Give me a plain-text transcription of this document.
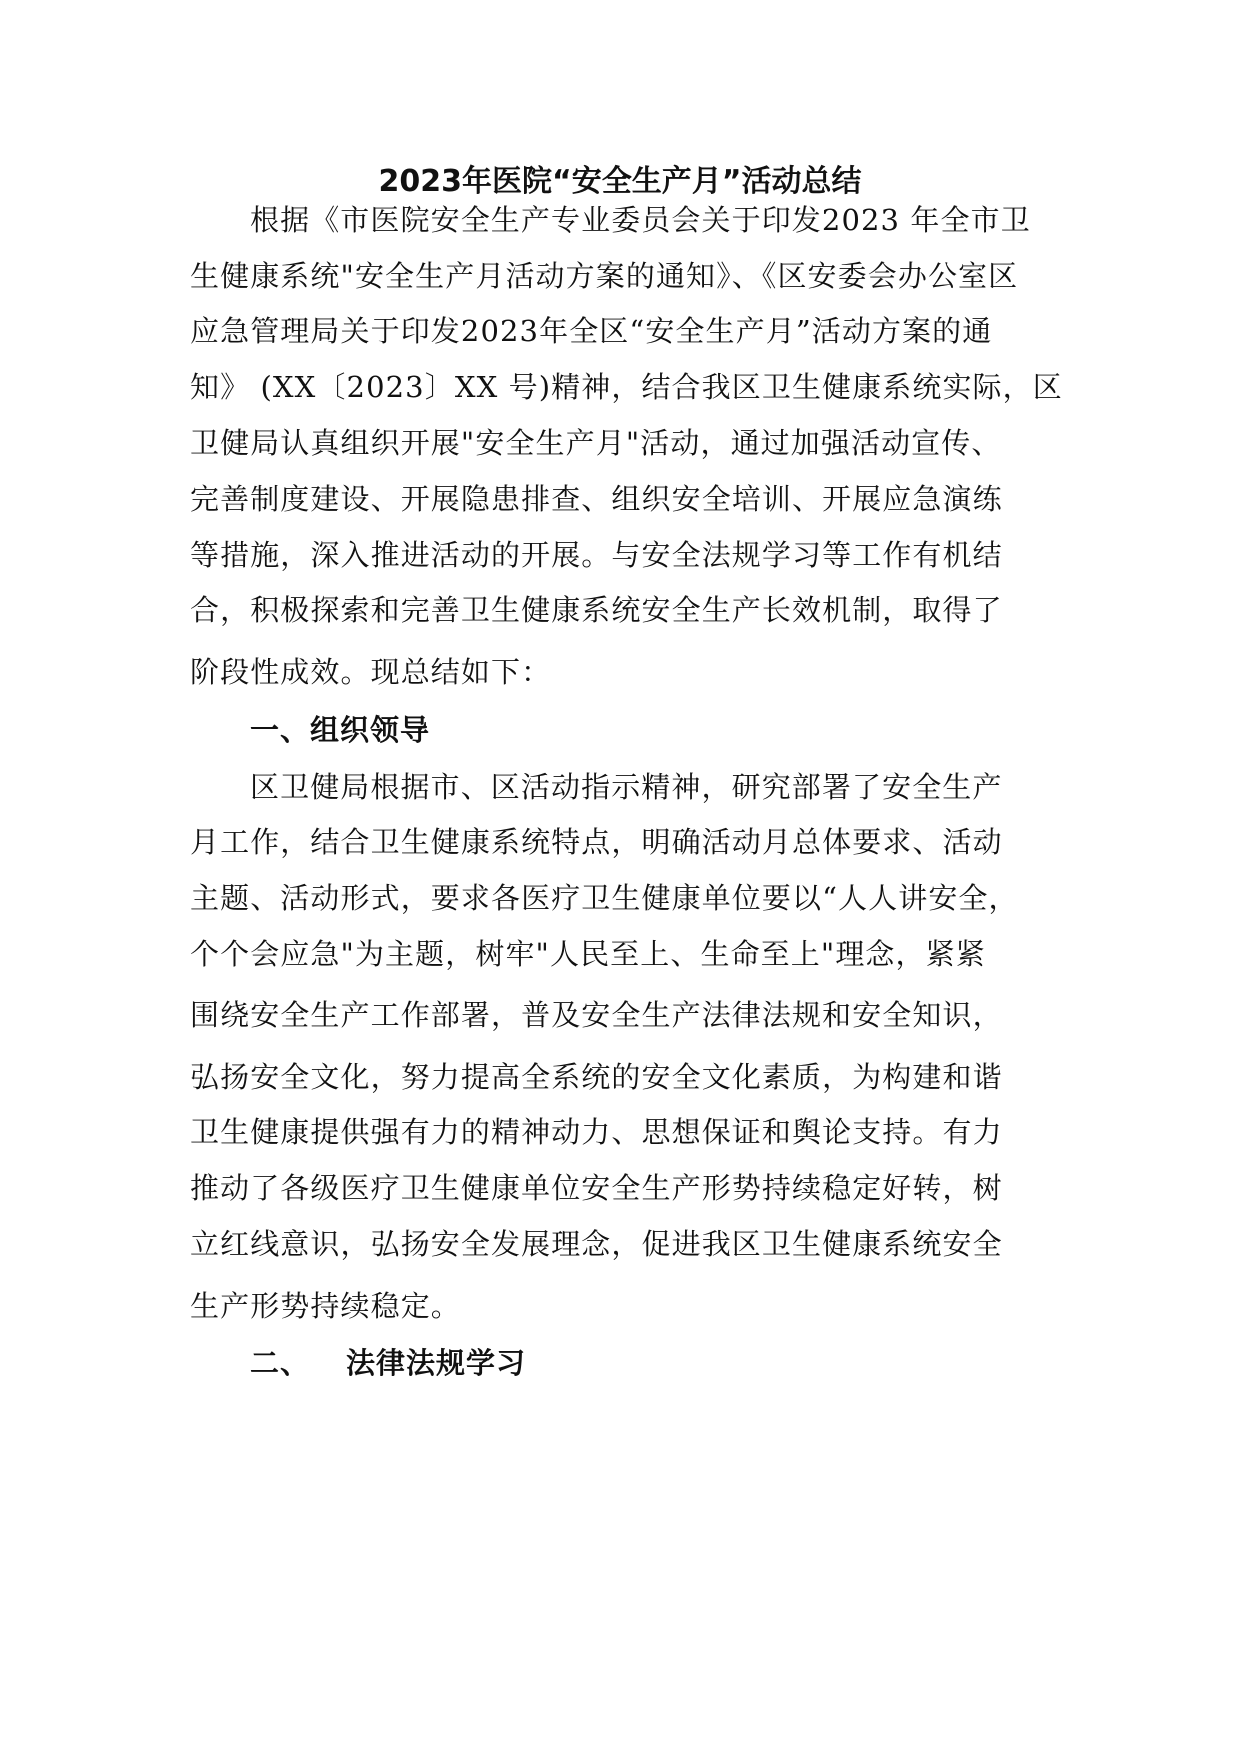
2023年医院“安全生产月”活动总结
根据《市医院安全生产专业委员会关于印发2023 年全市卫
生健康系统"安全生产月活动方案的通知》、《区安委会办公室区
应急管理局关于印发2023年全区“安全生产月”活动方案的通
知》 (XX〔2023〕XX 号)精神，结合我区卫生健康系统实际，区
卫健局认真组织开展"安全生产月"活动，通过加强活动宣传、
完善制度建设、开展隐患排查、组织安全培训、开展应急演练
等措施，深入推进活动的开展。与安全法规学习等工作有机结
合，积极探索和完善卫生健康系统安全生产长效机制，取得了
阶段性成效。现总结如下：
一、组织领导
区卫健局根据市、区活动指示精神，研究部署了安全生产
月工作，结合卫生健康系统特点，明确活动月总体要求、活动
主题、活动形式，要求各医疗卫生健康单位要以“人人讲安全，
个个会应急"为主题，树牢"人民至上、生命至上"理念，紧紧
围绕安全生产工作部署，普及安全生产法律法规和安全知识，
弘扬安全文化，努力提高全系统的安全文化素质，为构建和谐
卫生健康提供强有力的精神动力、思想保证和舆论支持。有力
推动了各级医疗卫生健康单位安全生产形势持续稳定好转，树
立红线意识，弘扬安全发展理念，促进我区卫生健康系统安全
生产形势持续稳定。
二、 法律法规学习
